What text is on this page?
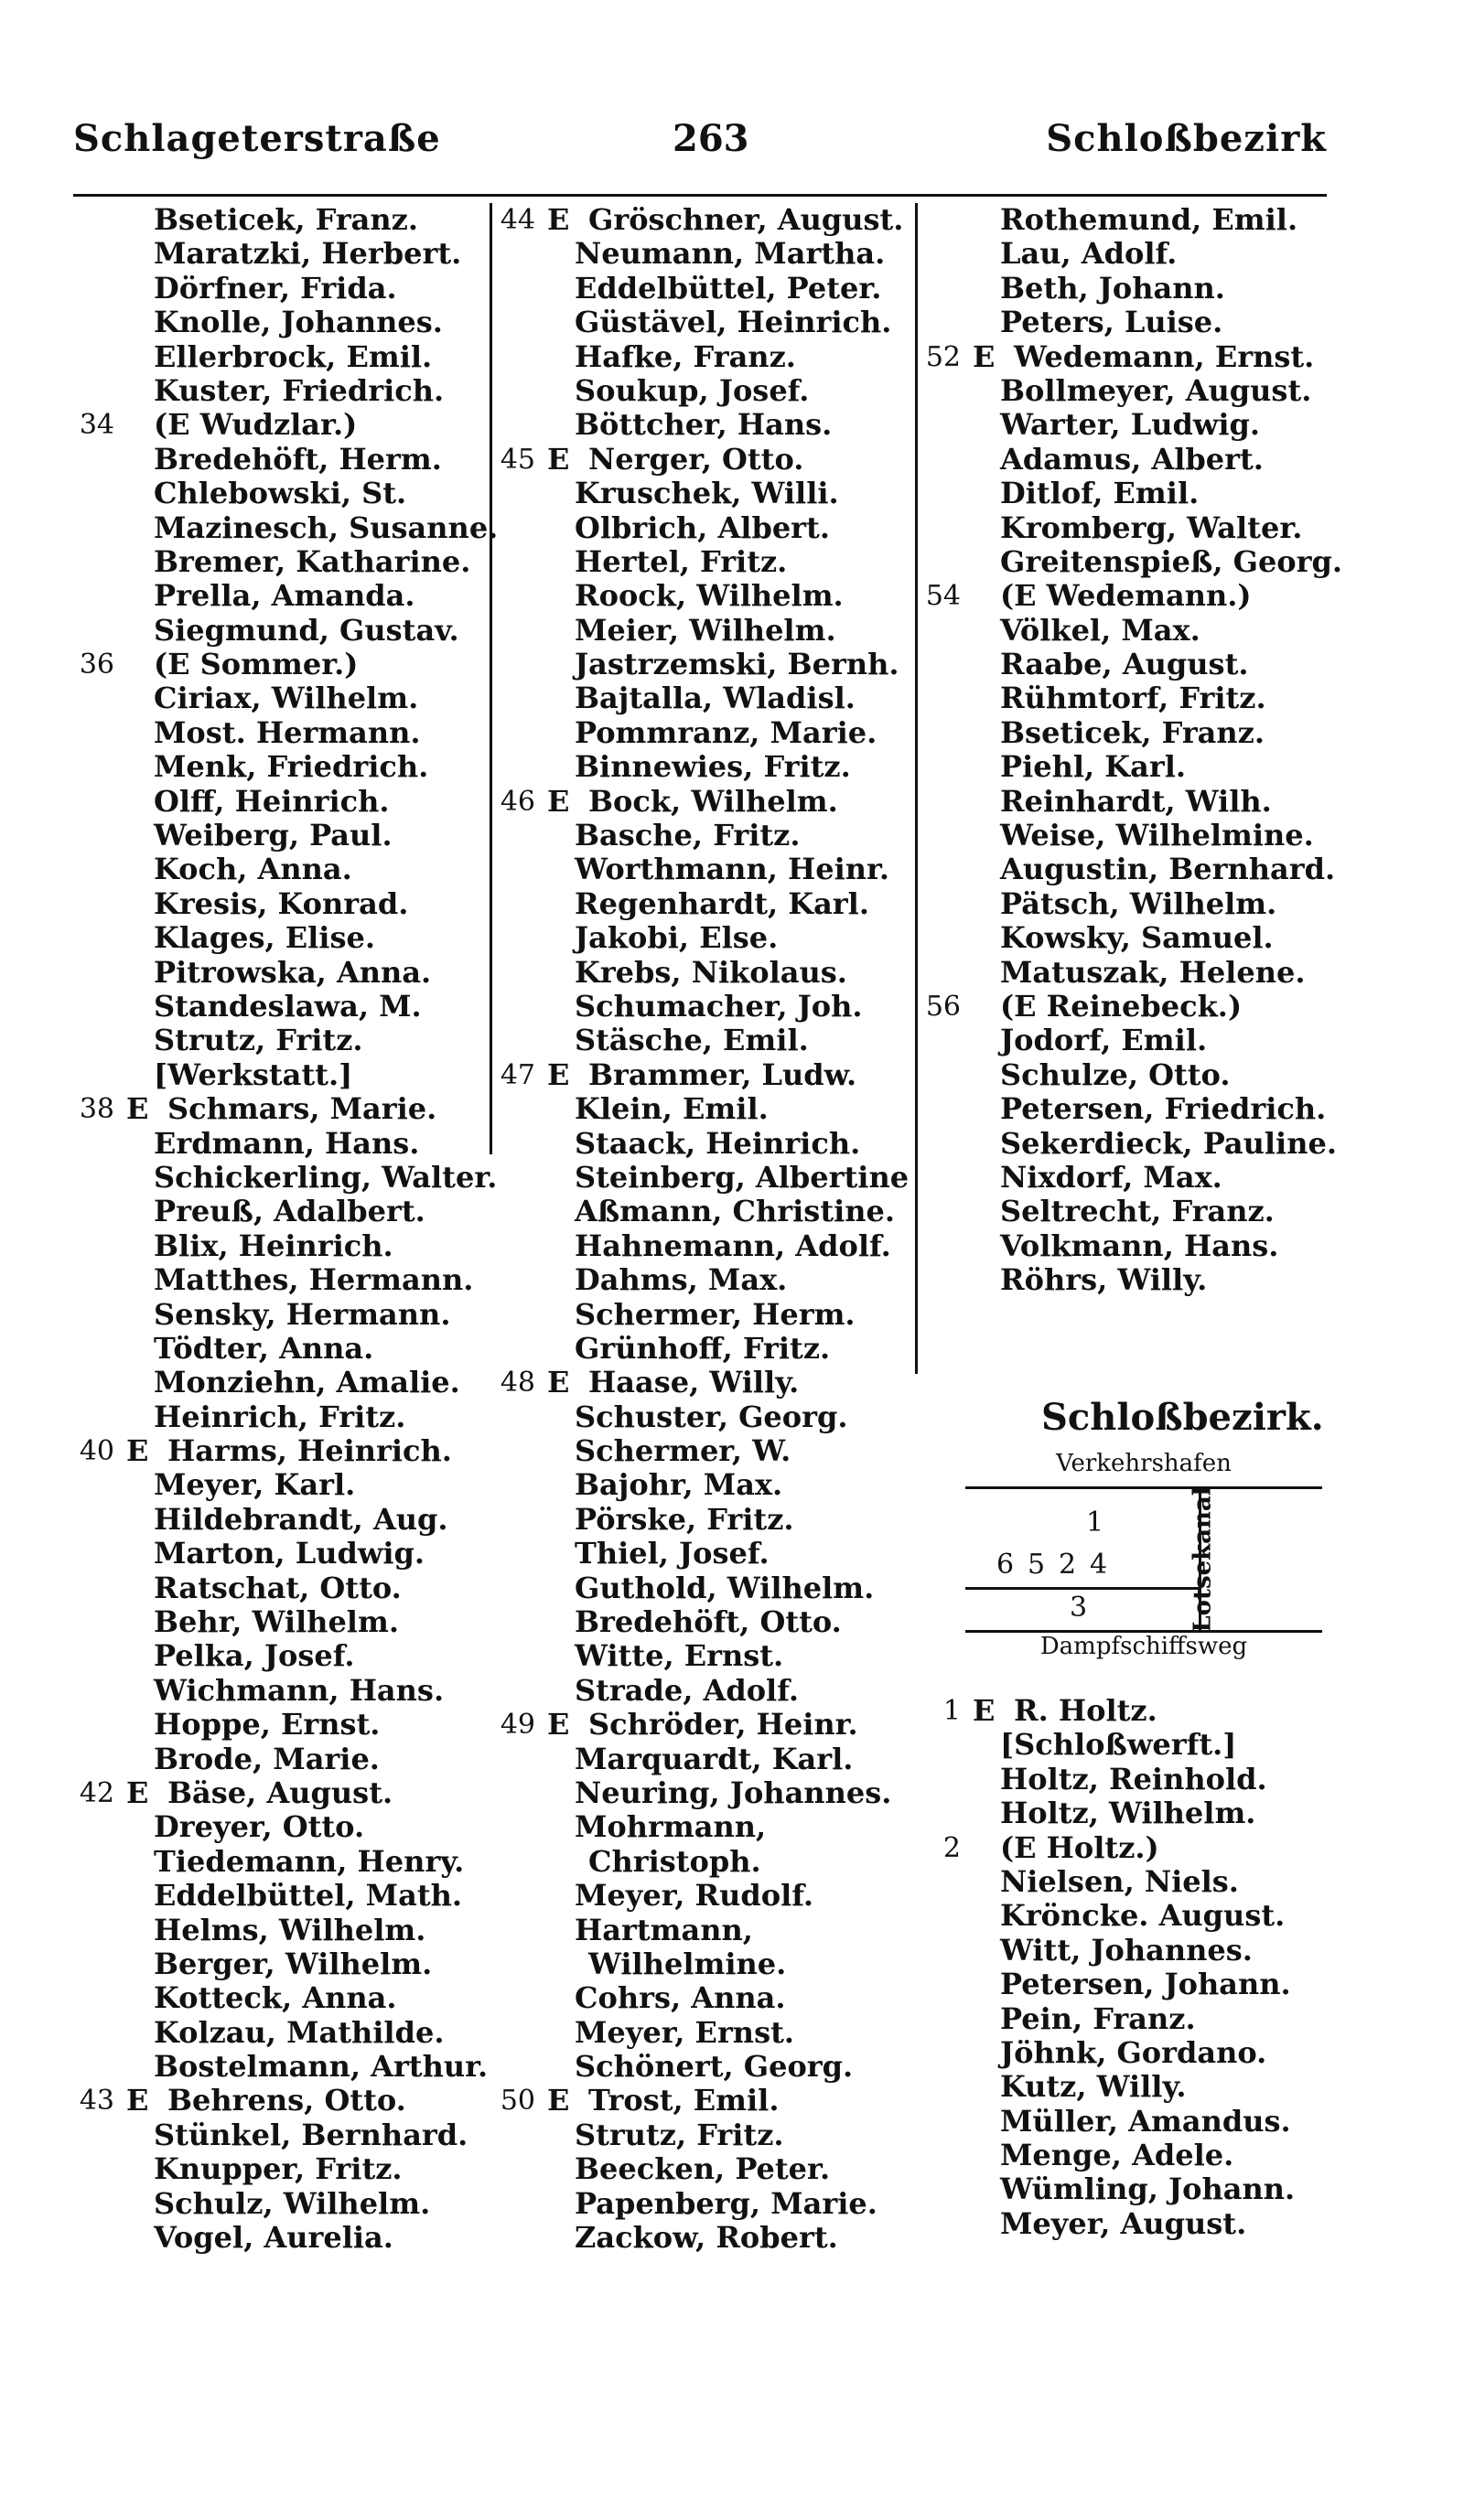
Schlageterstraße	263	Schloßbezirk
Bseticek, Franz.
Maratzki, Herbert.
Dörfner, Frida.
Knolle, Johannes.
Ellerbrock, Emil.
Kuster, Friedrich.
34 (E Wudzlar.)
Bredehöft, Herm.
Chlebowski, St.
Mazinesch, Susanne.
Bremer, Katharine.
Prella, Amanda.
Siegmund, Gustav.
36 (E Sommer.)
Ciriax, Wilhelm.
Most. Hermann.
Menk, Friedrich.
Olff, Heinrich.
Weiberg, Paul.
Koch, Anna.
Kresis, Konrad.
Klages, Elise.
Pitrowska, Anna.
Standeslawa, M.
Strutz, Fritz.
[Werkstatt.]
38 E Schmars, Marie.
Erdmann, Hans.
Schickerling, Walter.
Preuß, Adalbert.
Blix, Heinrich.
Matthes, Hermann.
Sensky, Hermann.
Tödter, Anna.
Monziehn, Amalie.
Heinrich, Fritz.
40 E Harms, Heinrich.
Meyer, Karl.
Hildebrandt, Aug.
Marton, Ludwig.
Ratschat, Otto.
Behr, Wilhelm.
Pelka, Josef.
Wichmann, Hans.
Hoppe, Ernst.
Brode, Marie.
42 E Bäse, August.
Dreyer, Otto.
Tiedemann, Henry.
Eddelbüttel, Math.
Helms, Wilhelm.
Berger, Wilhelm.
Kotteck, Anna.
Kolzau, Mathilde.
Bostelmann, Arthur.
43 E Behrens, Otto.
Stünkel, Bernhard.
Knupper, Fritz.
Schulz, Wilhelm.
Vogel, Aurelia.
44 E Gröschner, August.
Neumann, Martha.
Eddelbüttel, Peter.
Güstävel, Heinrich.
Hafke, Franz.
Soukup, Josef.
Böttcher, Hans.
45 E Nerger, Otto.
Kruschek, Willi.
Olbrich, Albert.
Hertel, Fritz.
Roock, Wilhelm.
Meier, Wilhelm.
Jastrzemski, Bernh.
Bajtalla, Wladisl.
Pommranz, Marie.
Binnewies, Fritz.
46 E Bock, Wilhelm.
Basche, Fritz.
Worthmann, Heinr.
Regenhardt, Karl.
Jakobi, Else.
Krebs, Nikolaus.
Schumacher, Joh.
Stäsche, Emil.
47 E Brammer, Ludw.
Klein, Emil.
Staack, Heinrich.
Steinberg, Albertine
Aßmann, Christine.
Hahnemann, Adolf.
Dahms, Max.
Schermer, Herm.
Grünhoff, Fritz.
48 E Haase, Willy.
Schuster, Georg.
Schermer, W.
Bajohr, Max.
Pörske, Fritz.
Thiel, Josef.
Guthold, Wilhelm.
Bredehöft, Otto.
Witte, Ernst.
Strade, Adolf.
49 E Schröder, Heinr.
Marquardt, Karl.
Neuring, Johannes.
Mohrmann,
Christoph.
Meyer, Rudolf.
Hartmann,
Wilhelmine.
Cohrs, Anna.
Meyer, Ernst.
Schönert, Georg.
50 E Trost, Emil.
Strutz, Fritz.
Beecken, Peter.
Papenberg, Marie.
Zackow, Robert.
Rothemund, Emil.
Lau, Adolf.
Beth, Johann.
Peters, Luise.
52 E Wedemann, Ernst.
Bollmeyer, August.
Warter, Ludwig.
Adamus, Albert.
Ditlof, Emil.
Kromberg, Walter.
Greitenspieß, Georg.
54 (E Wedemann.)
Völkel, Max.
Raabe, August.
Rühmtorf, Fritz.
Bseticek, Franz.
Piehl, Karl.
Reinhardt, Wilh.
Weise, Wilhelmine.
Augustin, Bernhard.
Pätsch, Wilhelm.
Kowsky, Samuel.
Matuszak, Helene.
56 (E Reinebeck.)
Jodorf, Emil.
Schulze, Otto.
Petersen, Friedrich.
Sekerdieck, Pauline.
Nixdorf, Max.
Seltrecht, Franz.
Volkmann, Hans.
Röhrs, Willy.
Schloßbezirk.
Verkehrshafen
1
6 5 2 4
3	Lotsekanal
Dampfschiffsweg
1 E R. Holtz.
[Schloßwerft.]
Holtz, Reinhold.
Holtz, Wilhelm.
2 (E Holtz.)
Nielsen, Niels.
Kröncke. August.
Witt, Johannes.
Petersen, Johann.
Pein, Franz.
Jöhnk, Gordano.
Kutz, Willy.
Müller, Amandus.
Menge, Adele.
Wümling, Johann.
Meyer, August.
